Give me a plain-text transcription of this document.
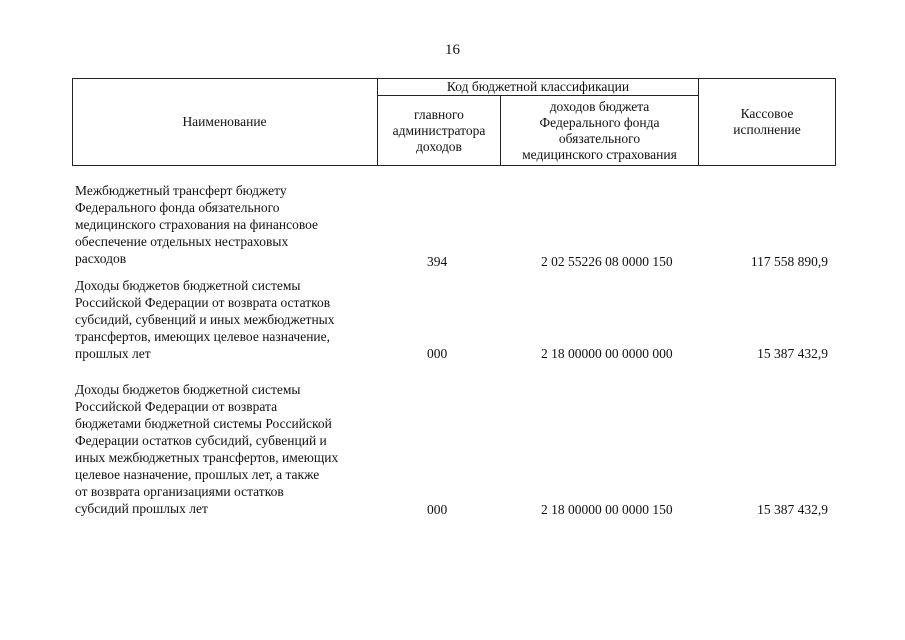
16
Наименование
Код бюджетной классификации
главного
администратора
доходов
доходов бюджета
Федерального фонда
обязательного
медицинского страхования
Кассовое
исполнение
Межбюджетный трансферт бюджету
Федерального фонда обязательного
медицинского страхования на финансовое
обеспечение отдельных нестраховых
расходов	394	2 02 55226 08 0000 150	117 558 890,9
Доходы бюджетов бюджетной системы
Российской Федерации от возврата остатков
субсидий, субвенций и иных межбюджетных
трансфертов, имеющих целевое назначение,
прошлых лет	000	2 18 00000 00 0000 000	15 387 432,9
Доходы бюджетов бюджетной системы
Российской Федерации от возврата
бюджетами бюджетной системы Российской
Федерации остатков субсидий, субвенций и
иных межбюджетных трансфертов, имеющих
целевое назначение, прошлых лет, а также
от возврата организациями остатков
субсидий прошлых лет	000	2 18 00000 00 0000 150	15 387 432,9
